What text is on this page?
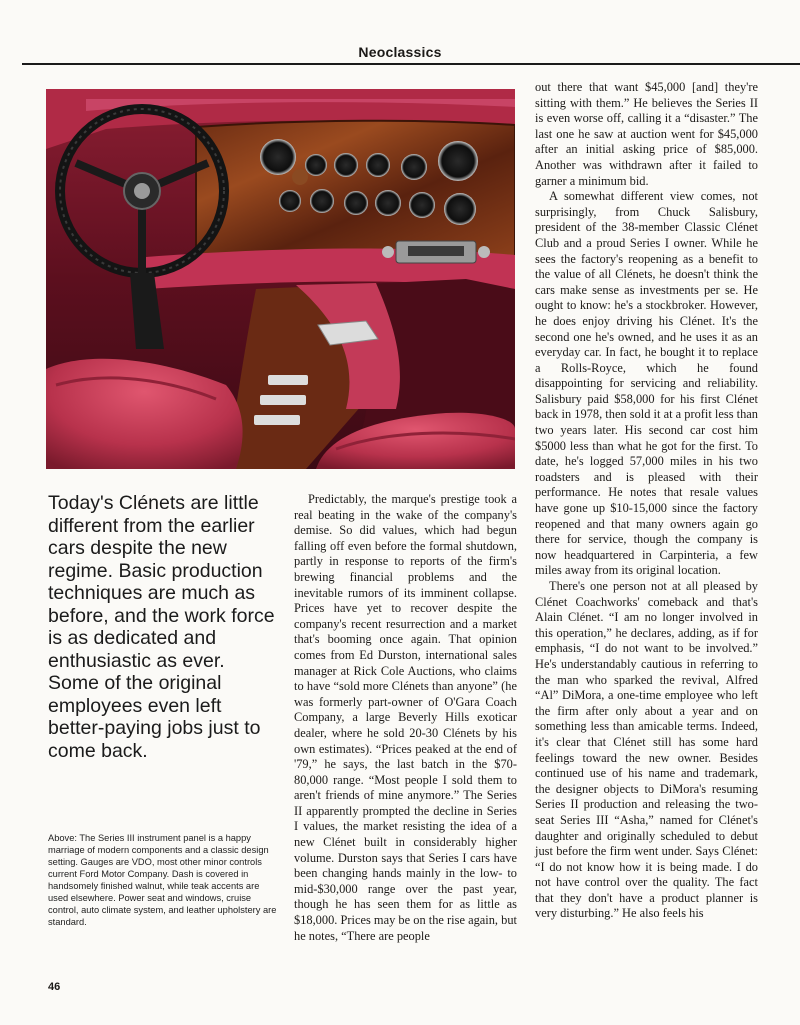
Neoclassics
Today's Clénets are little different from the earlier cars despite the new regime. Basic production techniques are much as before, and the work force is as dedicated and enthusiastic as ever. Some of the original employees even left better-paying jobs just to come back.
Above: The Series III instrument panel is a happy marriage of modern components and a classic design setting. Gauges are VDO, most other minor controls current Ford Motor Company. Dash is covered in handsomely finished walnut, while teak accents are used elsewhere. Power seat and windows, cruise control, auto climate system, and leather upholstery are standard.
46

Predictably, the marque's prestige took a real beating in the wake of the company's demise. So did values, which had begun falling off even before the formal shutdown, partly in response to reports of the firm's brewing financial problems and the inevitable rumors of its imminent collapse. Prices have yet to recover despite the company's recent resurrection and a market that's booming once again. That opinion comes from Ed Durston, international sales manager at Rick Cole Auctions, who claims to have “sold more Clénets than anyone” (he was formerly part-owner of O'Gara Coach Company, a large Beverly Hills exoticar dealer, where he sold 20-30 Clénets by his own estimates). “Prices peaked at the end of '79,” he says, the last batch in the $70-80,000 range. “Most people I sold them to aren't friends of mine anymore.” The Series II apparently prompted the decline in Series I values, the market resisting the idea of a new Clénet built in considerably higher volume. Durston says that Series I cars have been changing hands mainly in the low- to mid-$30,000 range over the past year, though he has seen them for as little as $18,000. Prices may be on the rise again, but he notes, “There are people

out there that want $45,000 [and] they're sitting with them.” He believes the Series II is even worse off, calling it a “disaster.” The last one he saw at auction went for $45,000 after an initial asking price of $85,000. Another was withdrawn after it failed to garner a minimum bid.

A somewhat different view comes, not surprisingly, from Chuck Salisbury, president of the 38-member Classic Clénet Club and a proud Series I owner. While he sees the factory's reopening as a benefit to the value of all Clénets, he doesn't think the cars make sense as investments per se. He ought to know: he's a stockbroker. However, he does enjoy driving his Clénet. It's the second one he's owned, and he uses it as an everyday car. In fact, he bought it to replace a Rolls-Royce, which he found disappointing for servicing and reliability. Salisbury paid $58,000 for his first Clénet back in 1978, then sold it at a profit less than two years later. His second car cost him $5000 less than what he got for the first. To date, he's logged 57,000 miles in his two roadsters and is pleased with their performance. He notes that resale values have gone up $10-15,000 since the factory reopened and that many owners again go there for service, though the company is now headquartered in Carpinteria, a few miles away from its original location.

There's one person not at all pleased by Clénet Coachworks' comeback and that's Alain Clénet. “I am no longer involved in this operation,” he declares, adding, as if for emphasis, “I do not want to be involved.” He's understandably cautious in referring to the man who sparked the revival, Alfred “Al” DiMora, a one-time employee who left the firm after only about a year and on something less than amicable terms. Indeed, it's clear that Clénet still has some hard feelings toward the new owner. Besides continued use of his name and trademark, the designer objects to DiMora's resuming Series II production and releasing the two-seat Series III “Asha,” named for Clénet's daughter and originally scheduled to debut just before the firm went under. Says Clénet: “I do not know how it is being made. I do not have control over the quality. The fact that they don't have a product planner is very disturbing.” He also feels his
